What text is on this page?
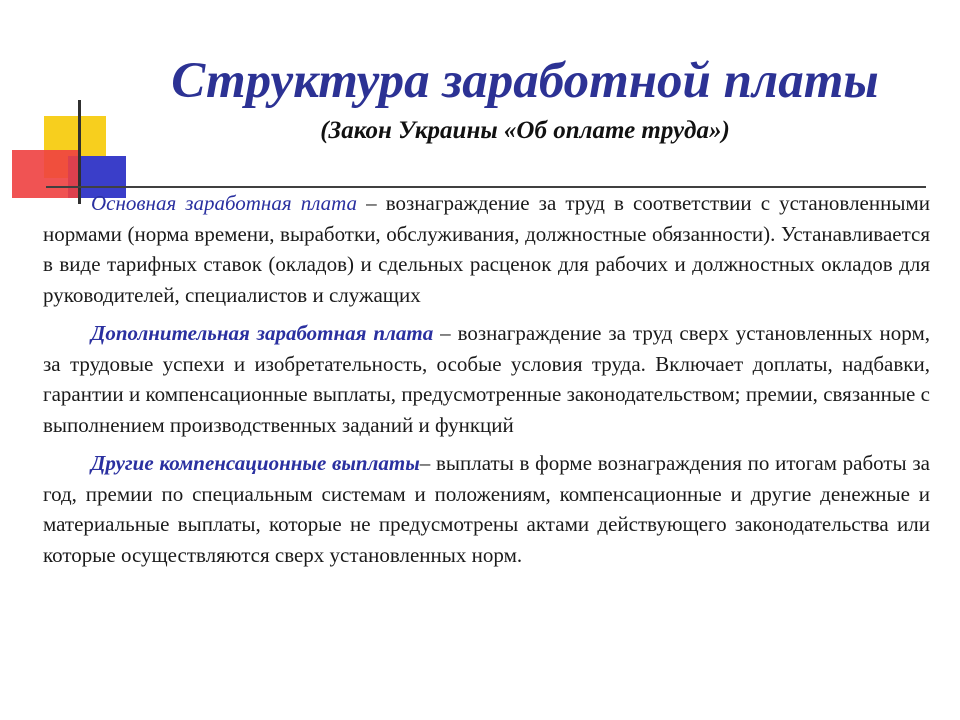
Структура заработной платы
(Закон Украины «Об оплате труда»)

Основная заработная плата – вознаграждение за труд в соответствии с установленными нормами (норма времени, выработки, обслуживания, должностные обязанности). Устанавливается в виде тарифных ставок (окладов) и сдельных расценок для рабочих и должностных окладов для руководителей, специалистов и служащих

Дополнительная заработная плата – вознаграждение за труд сверх установленных норм, за трудовые успехи и изобретательность, особые условия труда. Включает доплаты, надбавки, гарантии и компенсационные выплаты, предусмотренные законодательством; премии, связанные с выполнением производственных заданий и функций

Другие компенсационные выплаты– выплаты в форме вознаграждения по итогам работы за год, премии по специальным системам и положениям, компенсационные и другие денежные и материальные выплаты, которые не предусмотрены актами действующего законодательства или которые осуществляются сверх установленных норм.
